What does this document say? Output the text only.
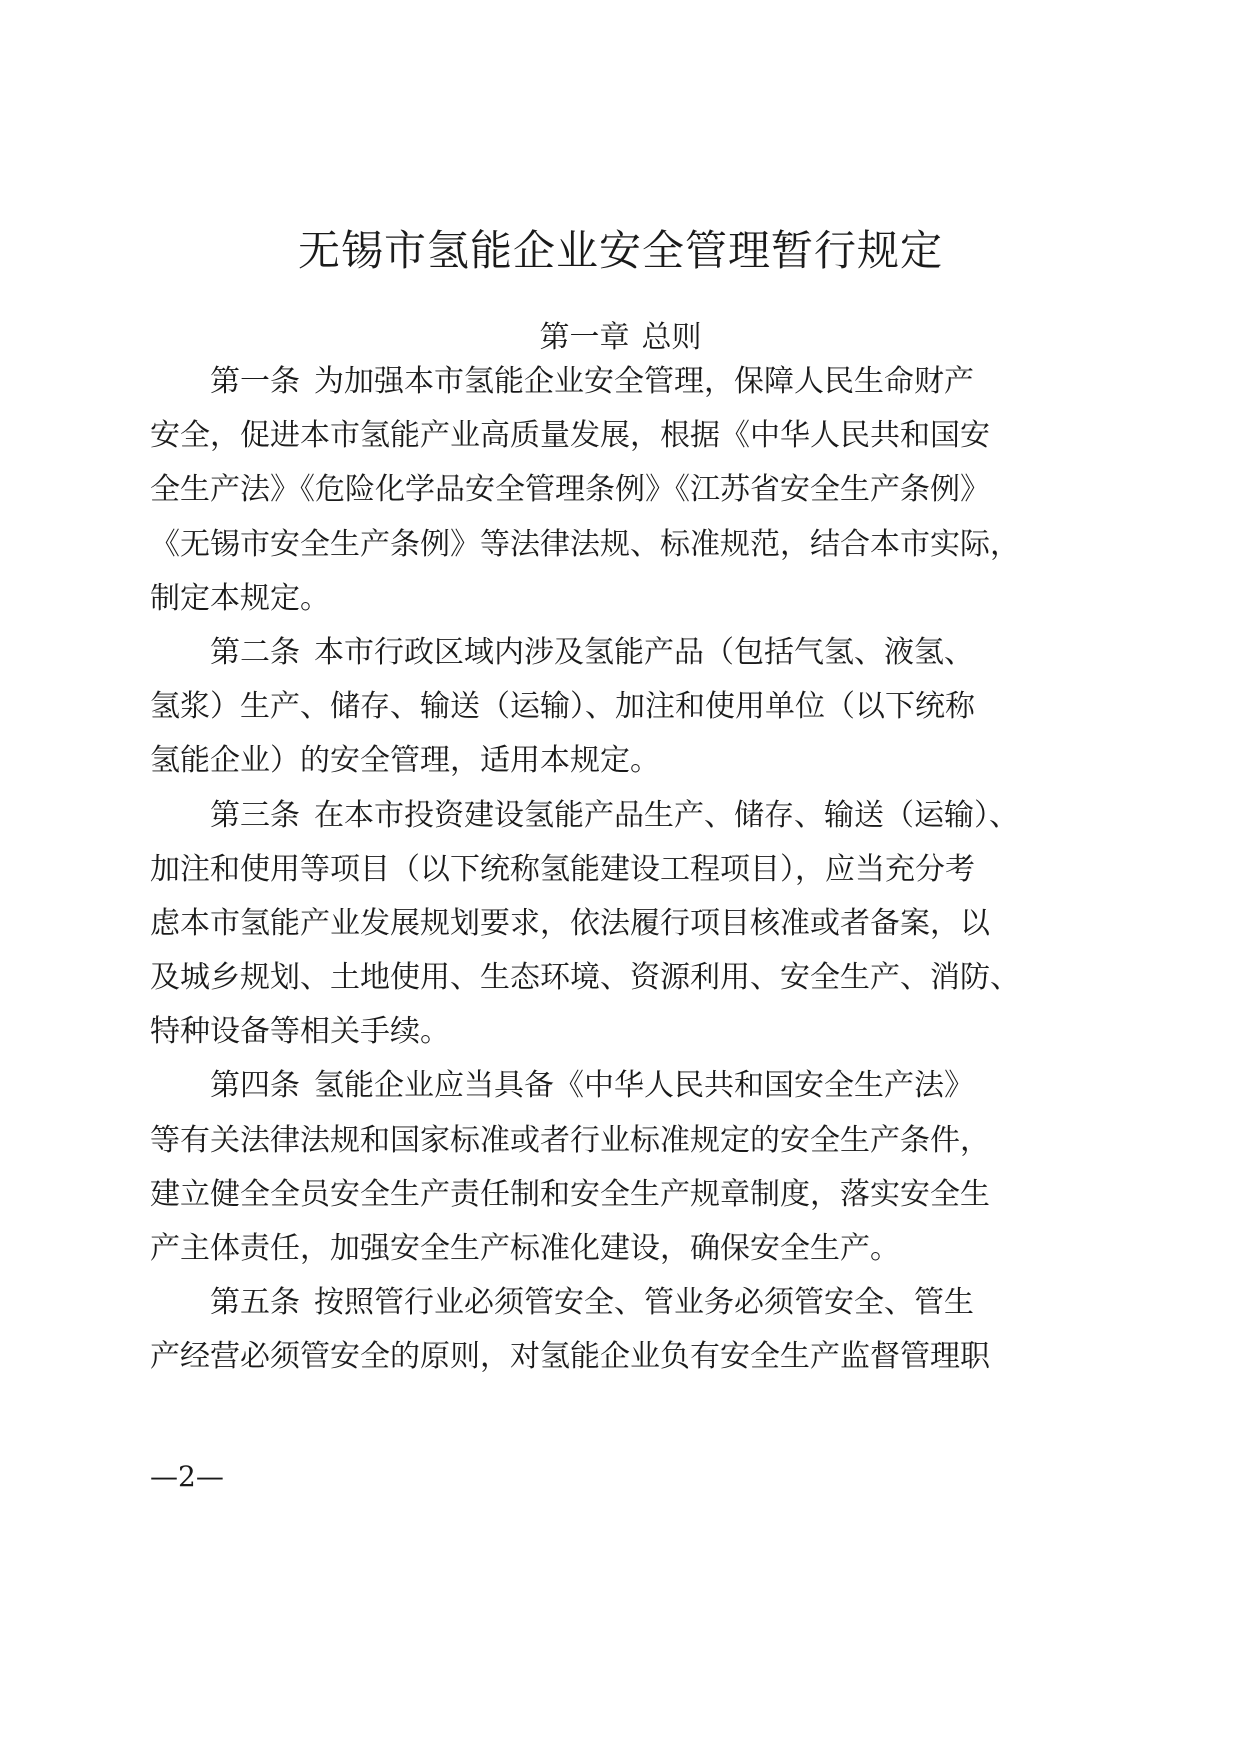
无锡市氢能企业安全管理暂行规定
第一章 总则
第一条 为加强本市氢能企业安全管理，保障人民生命财产
安全，促进本市氢能产业高质量发展，根据《中华人民共和国安
全生产法》《危险化学品安全管理条例》《江苏省安全生产条例》
《无锡市安全生产条例》等法律法规、标准规范，结合本市实际，
制定本规定。
第二条 本市行政区域内涉及氢能产品（包括气氢、液氢、
氢浆）生产、储存、输送（运输）、加注和使用单位（以下统称
氢能企业）的安全管理，适用本规定。
第三条 在本市投资建设氢能产品生产、储存、输送（运输）、
加注和使用等项目（以下统称氢能建设工程项目），应当充分考
虑本市氢能产业发展规划要求，依法履行项目核准或者备案，以
及城乡规划、土地使用、生态环境、资源利用、安全生产、消防、
特种设备等相关手续。
第四条 氢能企业应当具备《中华人民共和国安全生产法》
等有关法律法规和国家标准或者行业标准规定的安全生产条件，
建立健全全员安全生产责任制和安全生产规章制度，落实安全生
产主体责任，加强安全生产标准化建设，确保安全生产。
第五条 按照管行业必须管安全、管业务必须管安全、管生
产经营必须管安全的原则，对氢能企业负有安全生产监督管理职
—2—
